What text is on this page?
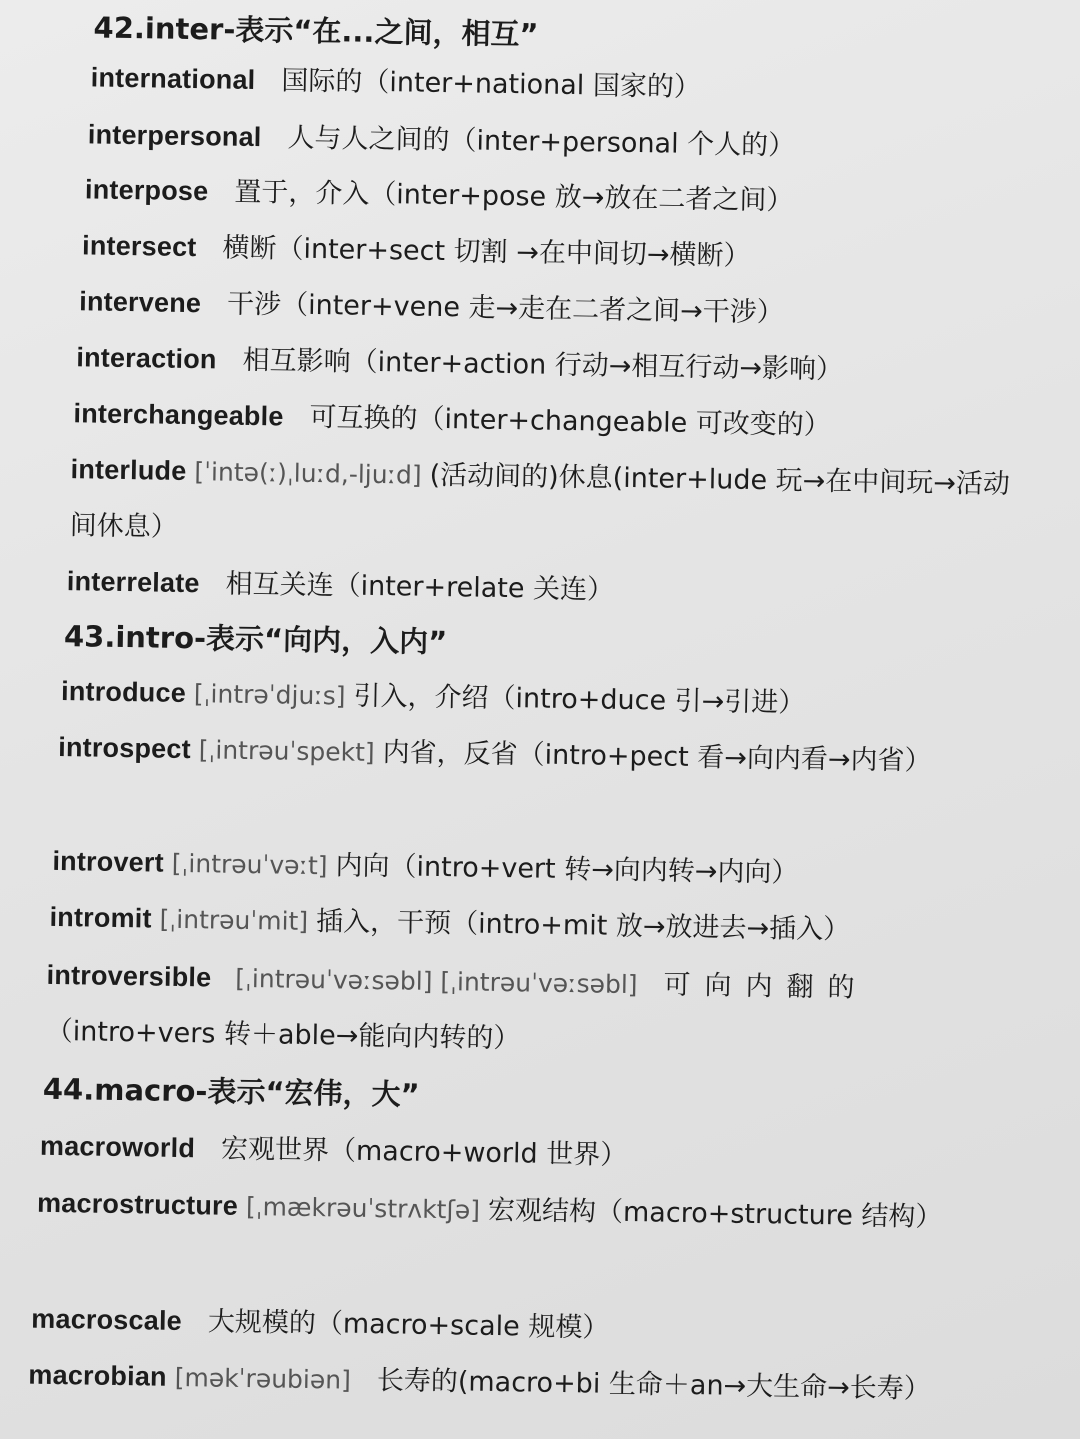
42.inter-表示“在...之间，相互”
international 国际的（inter+national 国家的）
interpersonal 人与人之间的（inter+personal 个人的）
interpose 置于，介入（inter+pose 放→放在二者之间）
intersect 横断（inter+sect 切割 →在中间切→横断）
intervene 干涉（inter+vene 走→走在二者之间→干涉）
interaction 相互影响（inter+action 行动→相互行动→影响）
interchangeable 可互换的（inter+changeable 可改变的）
interlude [ˈintə(ː)ˌluːd,-ljuːd] (活动间的)休息(inter+lude 玩→在中间玩→活动间休息）
interrelate 相互关连（inter+relate 关连）
43.intro-表示“向内，入内”
introduce [ˌintrəˈdjuːs] 引入，介绍（intro+duce 引→引进）
introspect [ˌintrəuˈspekt] 内省，反省（intro+pect 看→向内看→内省）
introvert [ˌintrəuˈvəːt] 内向（intro+vert 转→向内转→内向）
intromit [ˌintrəuˈmit] 插入，干预（intro+mit 放→放进去→插入）
introversible [ˌintrəuˈvəːsəbl] [ˌintrəuˈvəːsəbl] 可向内翻的（intro+vers 转＋able→能向内转的）
44.macro-表示“宏伟，大”
macroworld 宏观世界（macro+world 世界）
macrostructure [ˌmækrəuˈstrʌktʃə] 宏观结构（macro+structure 结构）
macroscale 大规模的（macro+scale 规模）
macrobian [məkˈrəubiən] 长寿的(macro+bi 生命＋an→大生命→长寿）
